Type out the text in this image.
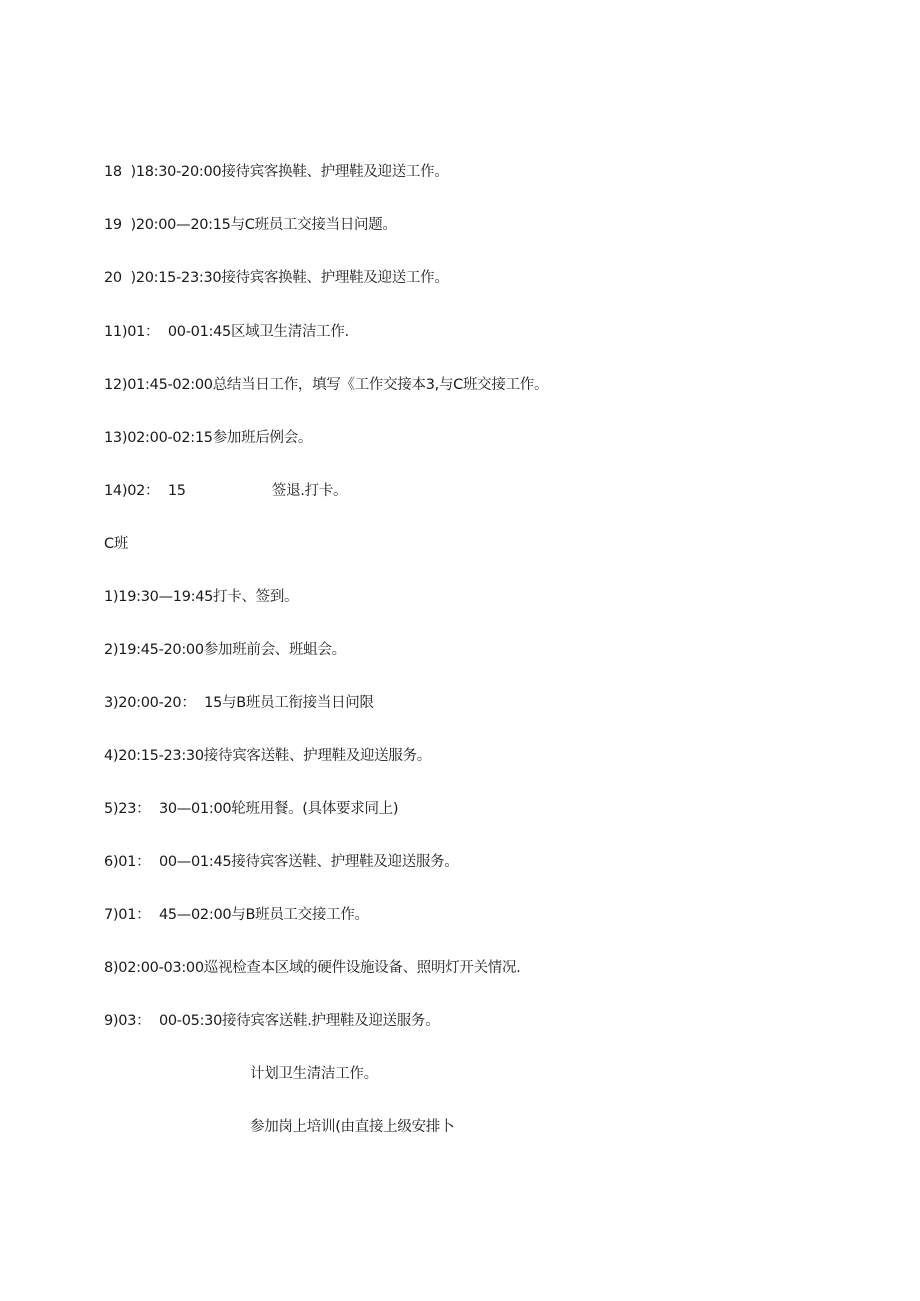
18  )18:30-20:00接待宾客换鞋、护理鞋及迎送工作。
19  )20:00—20:15与C班员工交接当日问题。
20  )20:15-23:30接待宾客换鞋、护理鞋及迎送工作。
11)01：  00-01:45区域卫生清洁工作.
12)01:45-02:00总结当日工作，填写《工作交接本3,与C班交接工作。
13)02:00-02:15参加班后例会。
14)02：  15                    签退.打卡。
C班
1)19:30—19:45打卡、签到。
2)19:45-20:00参加班前会、班蛆会。
3)20:00-20：  15与B班员工衔接当日问限
4)20:15-23:30接待宾客送鞋、护理鞋及迎送服务。
5)23：  30—01:00轮班用餐。(具体要求同上)
6)01：  00—01:45接待宾客送鞋、护理鞋及迎送服务。
7)01：  45—02:00与B班员工交接工作。
8)02:00-03:00巡视检查本区域的硬件设施设备、照明灯开关情况.
9)03：  00-05:30接待宾客送鞋.护理鞋及迎送服务。
计划卫生清洁工作。
参加岗上培训(由直接上级安排卜
